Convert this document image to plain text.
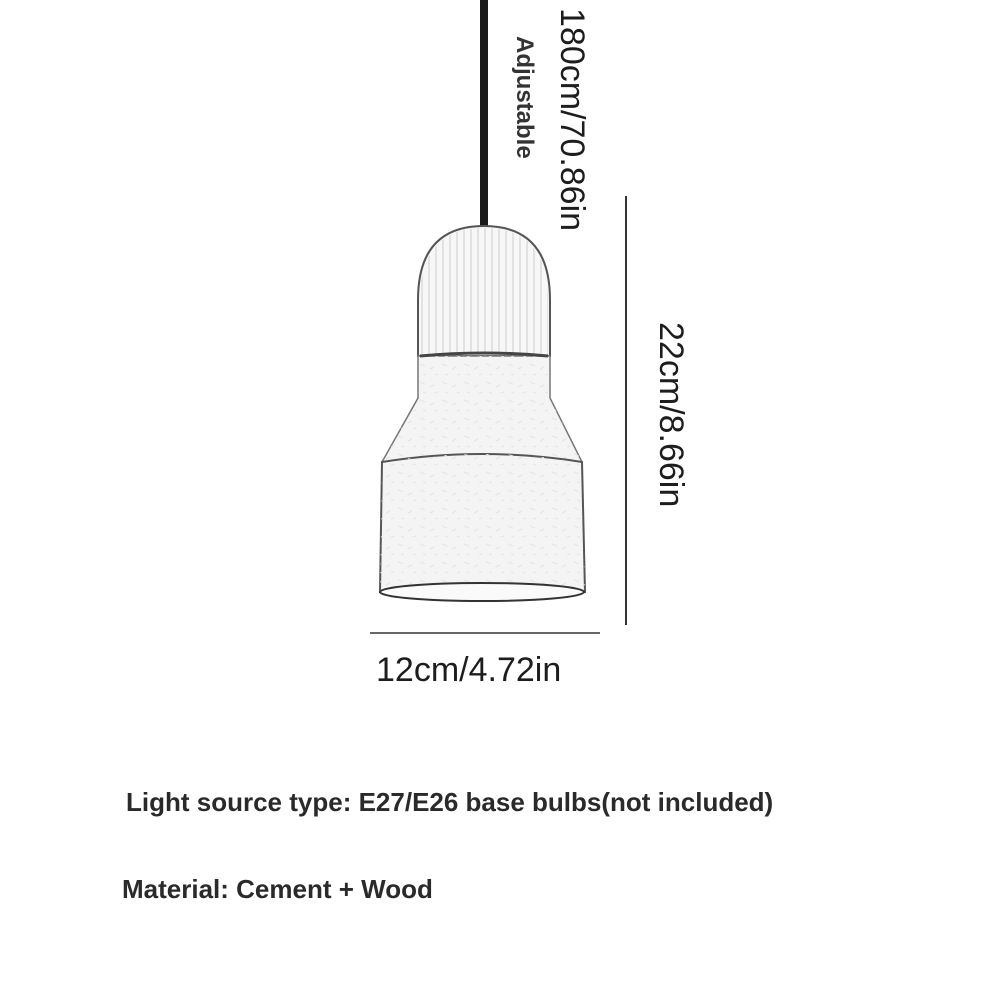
180cm/70.86in
Adjustable
22cm/8.66in
12cm/4.72in
Light source type: E27/E26 base bulbs(not included)
Material: Cement + Wood
